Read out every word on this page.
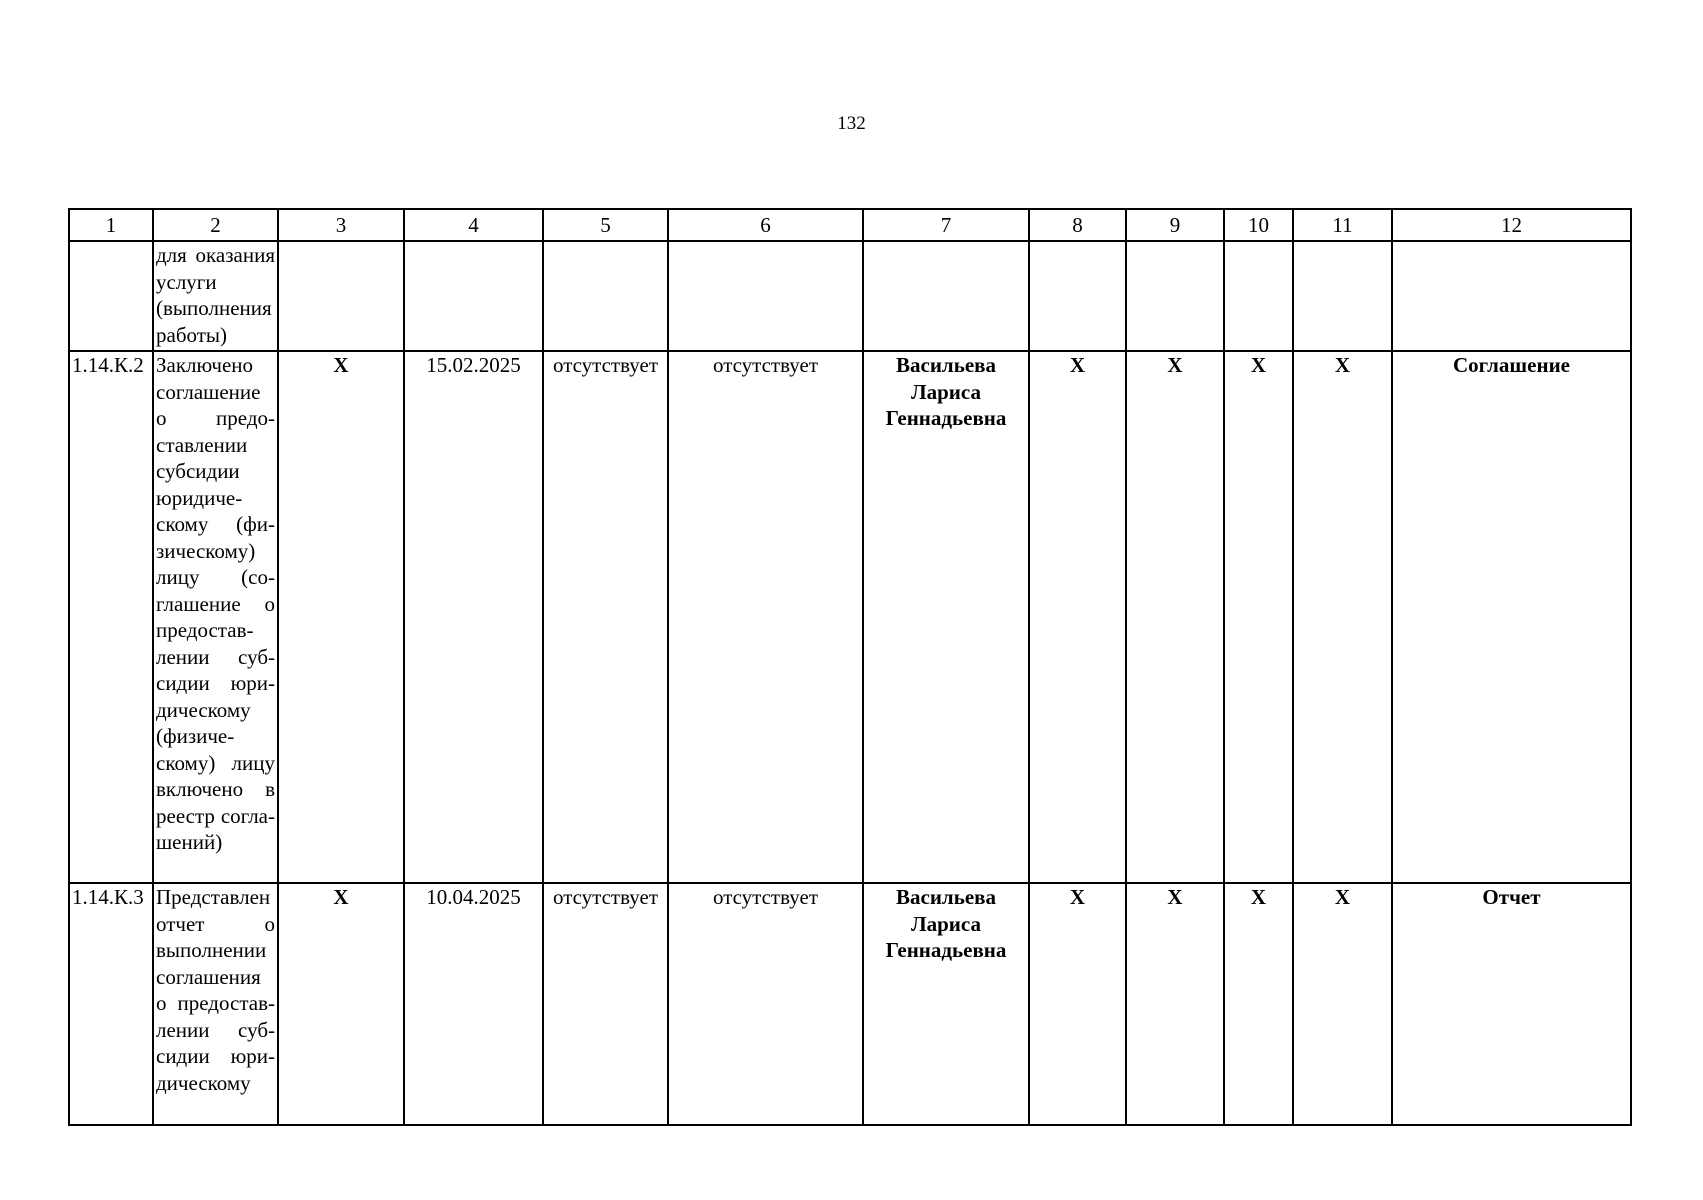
132
1	2	3	4	5	6	7	8	9	10	11	12
	для оказания услуги (выполнения работы)										
1.14.К.2	Заключено соглашение о предоставлении субсидии юридическому (физическому) лицу (соглашение о предоставлении субсидии юридическому (физическому) лицу включено в реестр соглашений)	X	15.02.2025	отсутствует	отсутствует	Васильева Лариса Геннадьевна	X	X	X	X	Соглашение
1.14.К.3	Представлен отчет о выполнении соглашения о предоставлении субсидии юридическому	X	10.04.2025	отсутствует	отсутствует	Васильева Лариса Геннадьевна	X	X	X	X	Отчет
